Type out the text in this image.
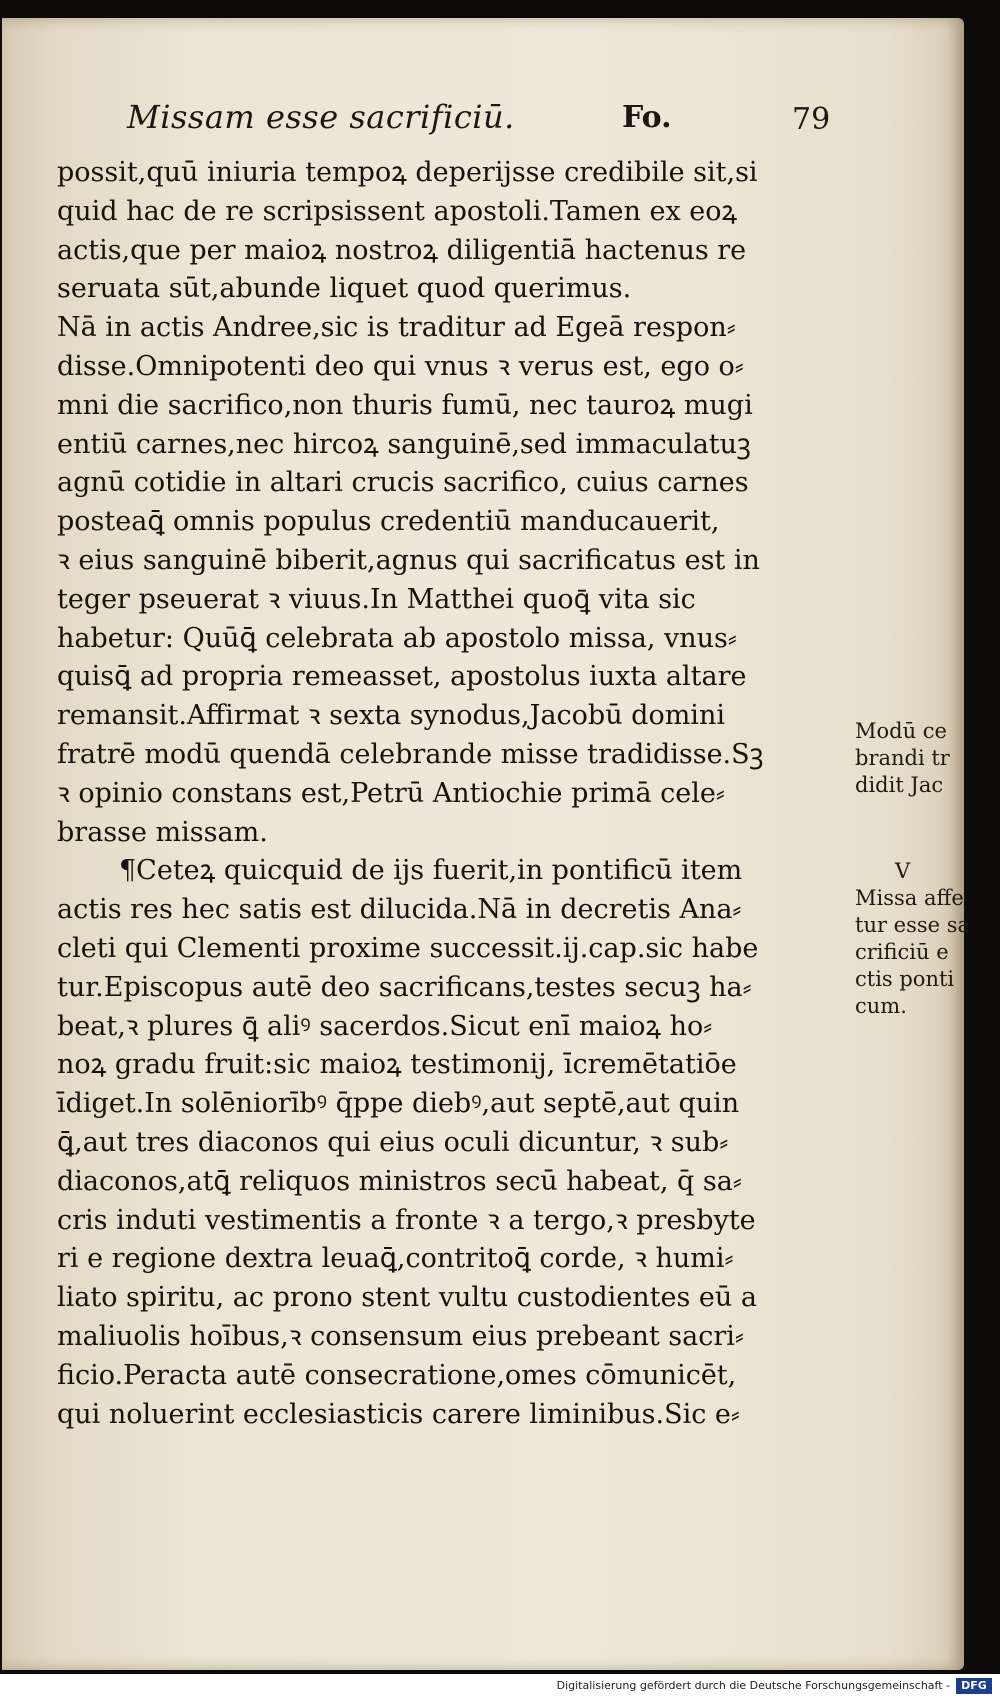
Missam esse sacrificiū.	Fo.	79
possit,quū iniuria tempoꝝ deperijsse credibile sit,si
quid hac de re scripsissent apostoli.Tamen ex eoꝝ
actis,que per maioꝝ nostroꝝ diligentiā hactenus re
seruata sūt,abunde liquet quod querimus.
Nā in actis Andree,sic is traditur ad Egeā respon⸗
disse.Omnipotenti deo qui vnus ꝛ verus est, ego o⸗
mni die sacrifico,non thuris fumū, nec tauroꝝ mugi
entiū carnes,nec hircoꝝ sanguinē,sed immaculatuꝫ
agnū cotidie in altari crucis sacrifico, cuius carnes
posteaꝗ̄ omnis populus credentiū manducauerit,
ꝛ eius sanguinē biberit,agnus qui sacrificatus est in
teger pseuerat ꝛ viuus.In Matthei quoꝗ̄ vita sic
habetur: Quūꝗ̄ celebrata ab apostolo missa, vnus⸗
quisꝗ̄ ad propria remeasset, apostolus iuxta altare
remansit.Affirmat ꝛ sexta synodus,Jacobū domini
fratrē modū quendā celebrande misse tradidisse.Sꝫ
ꝛ opinio constans est,Petrū Antiochie primā cele⸗
brasse missam.
¶Ceteꝝ quicquid de ijs fuerit,in pontificū item
actis res hec satis est dilucida.Nā in decretis Ana⸗
cleti qui Clementi proxime successit.ij.cap.sic habe
tur.Episcopus autē deo sacrificans,testes secuꝫ ha⸗
beat,ꝛ plures ꝗ̄ aliꝰ sacerdos.Sicut enī maioꝝ ho⸗
noꝝ gradu fruit:sic maioꝝ testimonij, īcremētatiōe
īdiget.In solēniorībꝰ q̄ppe diebꝰ,aut septē,aut quin
ꝗ̄,aut tres diaconos qui eius oculi dicuntur, ꝛ sub⸗
diaconos,atꝗ̄ reliquos ministros secū habeat, q̄ sa⸗
cris induti vestimentis a fronte ꝛ a tergo,ꝛ presbyte
ri e regione dextra leuaꝗ̄,contritoꝗ̄ corde, ꝛ humi⸗
liato spiritu, ac prono stent vultu custodientes eū a
maliuolis hoībus,ꝛ consensum eius prebeant sacri⸗
ficio.Peracta autē consecratione,omes cōmunicēt,
qui noluerint ecclesiasticis carere liminibus.Sic e⸗
Modū ce
brandi tr
didit Jac
V
Missa affe
tur esse sa
crificiū e
ctis ponti
cum.
Digitalisierung gefördert durch die Deutsche Forschungsgemeinschaft -	DFG
